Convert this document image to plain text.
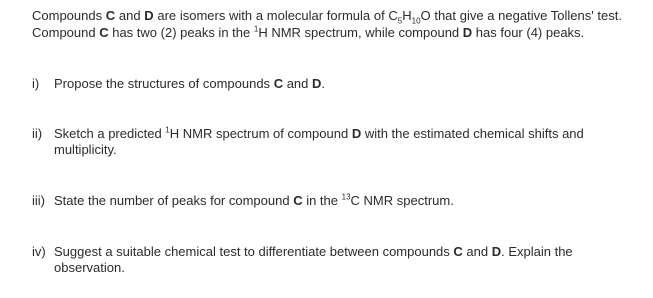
Compounds C and D are isomers with a molecular formula of $C_5H_{10}O$ that give a negative Tollens' test. Compound C has two (2) peaks in the $^1$H NMR spectrum, while compound D has four (4) peaks.

i)	Propose the structures of compounds C and D.
ii) Sketch a predicted $^1$H NMR spectrum of compound D with the estimated chemical shifts and multiplicity.
iii) State the number of peaks for compound C in the $^{13}$C NMR spectrum.
iv) Suggest a suitable chemical test to differentiate between compounds C and D. Explain the observation.
